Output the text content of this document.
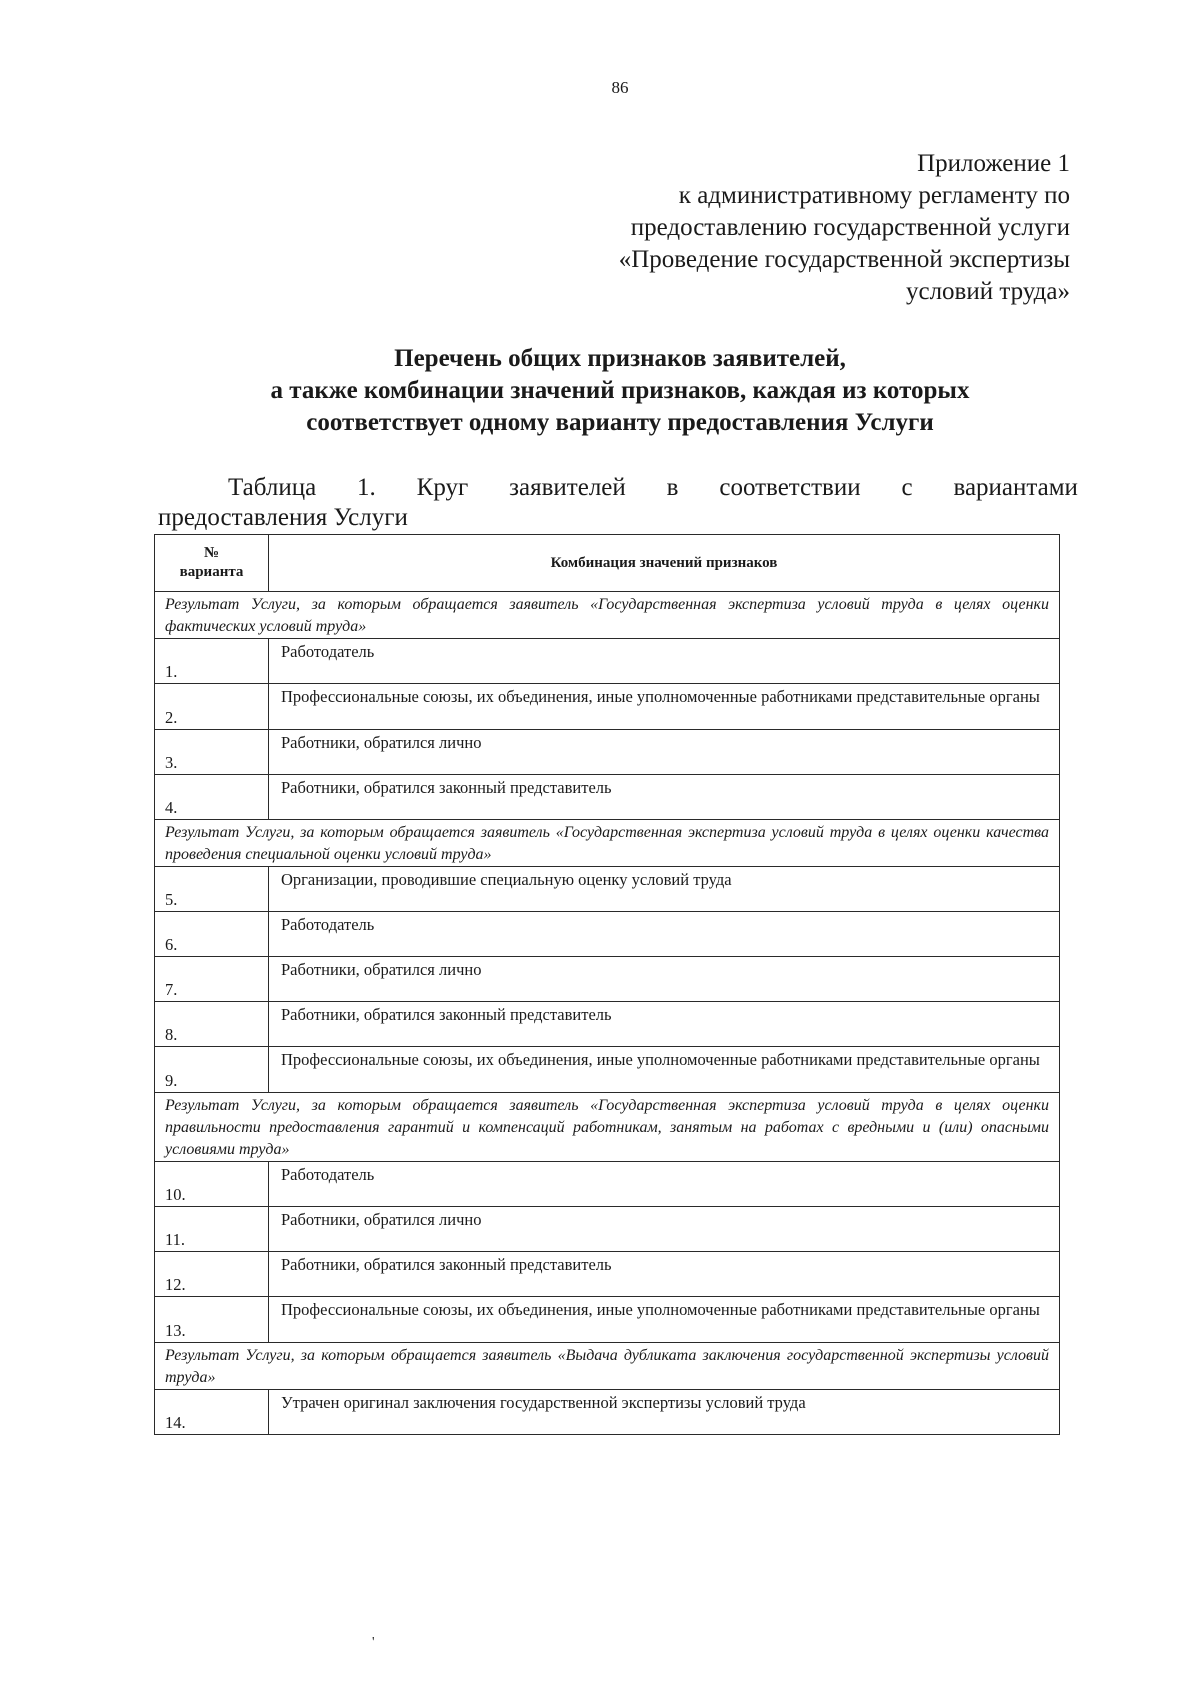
86
Приложение 1
к административному регламенту по
предоставлению государственной услуги
«Проведение государственной экспертизы
условий труда»
Перечень общих признаков заявителей,
а также комбинации значений признаков, каждая из которых
соответствует одному варианту предоставления Услуги
Таблица 1. Круг заявителей в соответствии с вариантами
предоставления Услуги
№
варианта	Комбинация значений признаков
Результат Услуги, за которым обращается заявитель «Государственная экспертиза условий труда в целях оценки фактических условий труда»	
1.	Работодатель
2.	Профессиональные союзы, их объединения, иные уполномоченные работниками представительные органы
3.	Работники, обратился лично
4.	Работники, обратился законный представитель
Результат Услуги, за которым обращается заявитель «Государственная экспертиза условий труда в целях оценки качества проведения специальной оценки условий труда»	
5.	Организации, проводившие специальную оценку условий труда
6.	Работодатель
7.	Работники, обратился лично
8.	Работники, обратился законный представитель
9.	Профессиональные союзы, их объединения, иные уполномоченные работниками представительные органы
Результат Услуги, за которым обращается заявитель «Государственная экспертиза условий труда в целях оценки правильности предоставления гарантий и компенсаций работникам, занятым на работах с вредными и (или) опасными условиями труда»	
10.	Работодатель
11.	Работники, обратился лично
12.	Работники, обратился законный представитель
13.	Профессиональные союзы, их объединения, иные уполномоченные работниками представительные органы
Результат Услуги, за которым обращается заявитель «Выдача дубликата заключения государственной экспертизы условий труда»	
14.	Утрачен оригинал заключения государственной экспертизы условий труда
'
